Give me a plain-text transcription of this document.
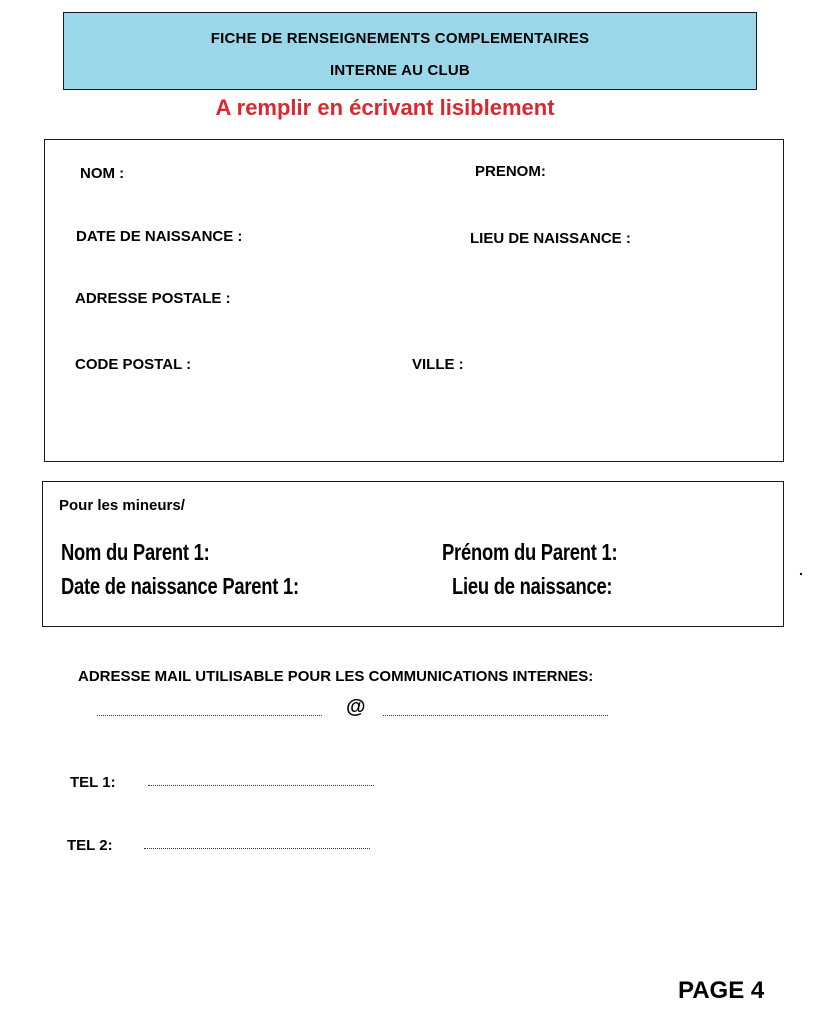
FICHE DE RENSEIGNEMENTS COMPLEMENTAIRES
INTERNE AU CLUB
A remplir en écrivant lisiblement
NOM :	PRENOM:
DATE DE NAISSANCE :	LIEU DE NAISSANCE :
ADRESSE POSTALE :
CODE POSTAL :	VILLE :
Pour les mineurs/
Nom du Parent 1:	Prénom du Parent 1:
Date de naissance Parent 1:	Lieu de naissance:
.
ADRESSE MAIL UTILISABLE POUR LES COMMUNICATIONS INTERNES:
@
TEL 1:
TEL 2:
PAGE 4
